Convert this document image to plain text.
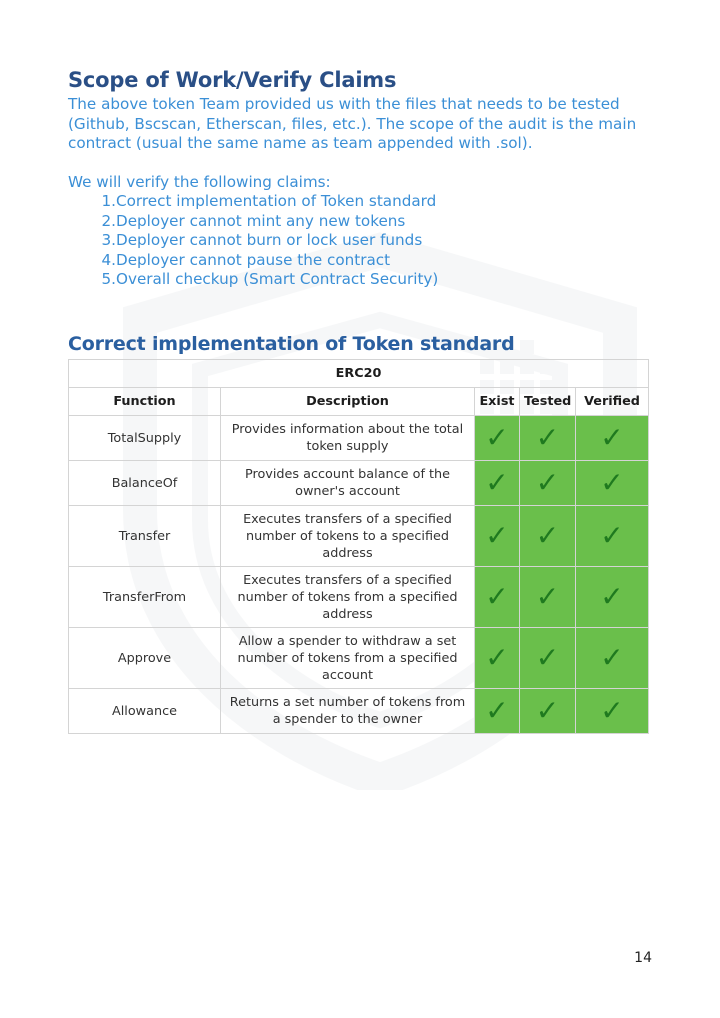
Scope of Work/Verify Claims

The above token Team provided us with the files that needs to be tested (Github, Bscscan, Etherscan, files, etc.). The scope of the audit is the main contract (usual the same name as team appended with .sol).

We will verify the following claims:

1. Correct implementation of Token standard
2. Deployer cannot mint any new tokens
3. Deployer cannot burn or lock user funds
4. Deployer cannot pause the contract
5. Overall checkup (Smart Contract Security)
Correct implementation of Token standard
ERC20				
Function	Description	Exist	Tested	Verified
TotalSupply	Provides information about the total token supply	✓	✓	✓
BalanceOf	Provides account balance of the owner's account	✓	✓	✓
Transfer	Executes transfers of a specified number of tokens to a specified address	✓	✓	✓
TransferFrom	Executes transfers of a specified number of tokens from a specified address	✓	✓	✓
Approve	Allow a spender to withdraw a set number of tokens from a specified account	✓	✓	✓
Allowance	Returns a set number of tokens from a spender to the owner	✓	✓	✓
14
